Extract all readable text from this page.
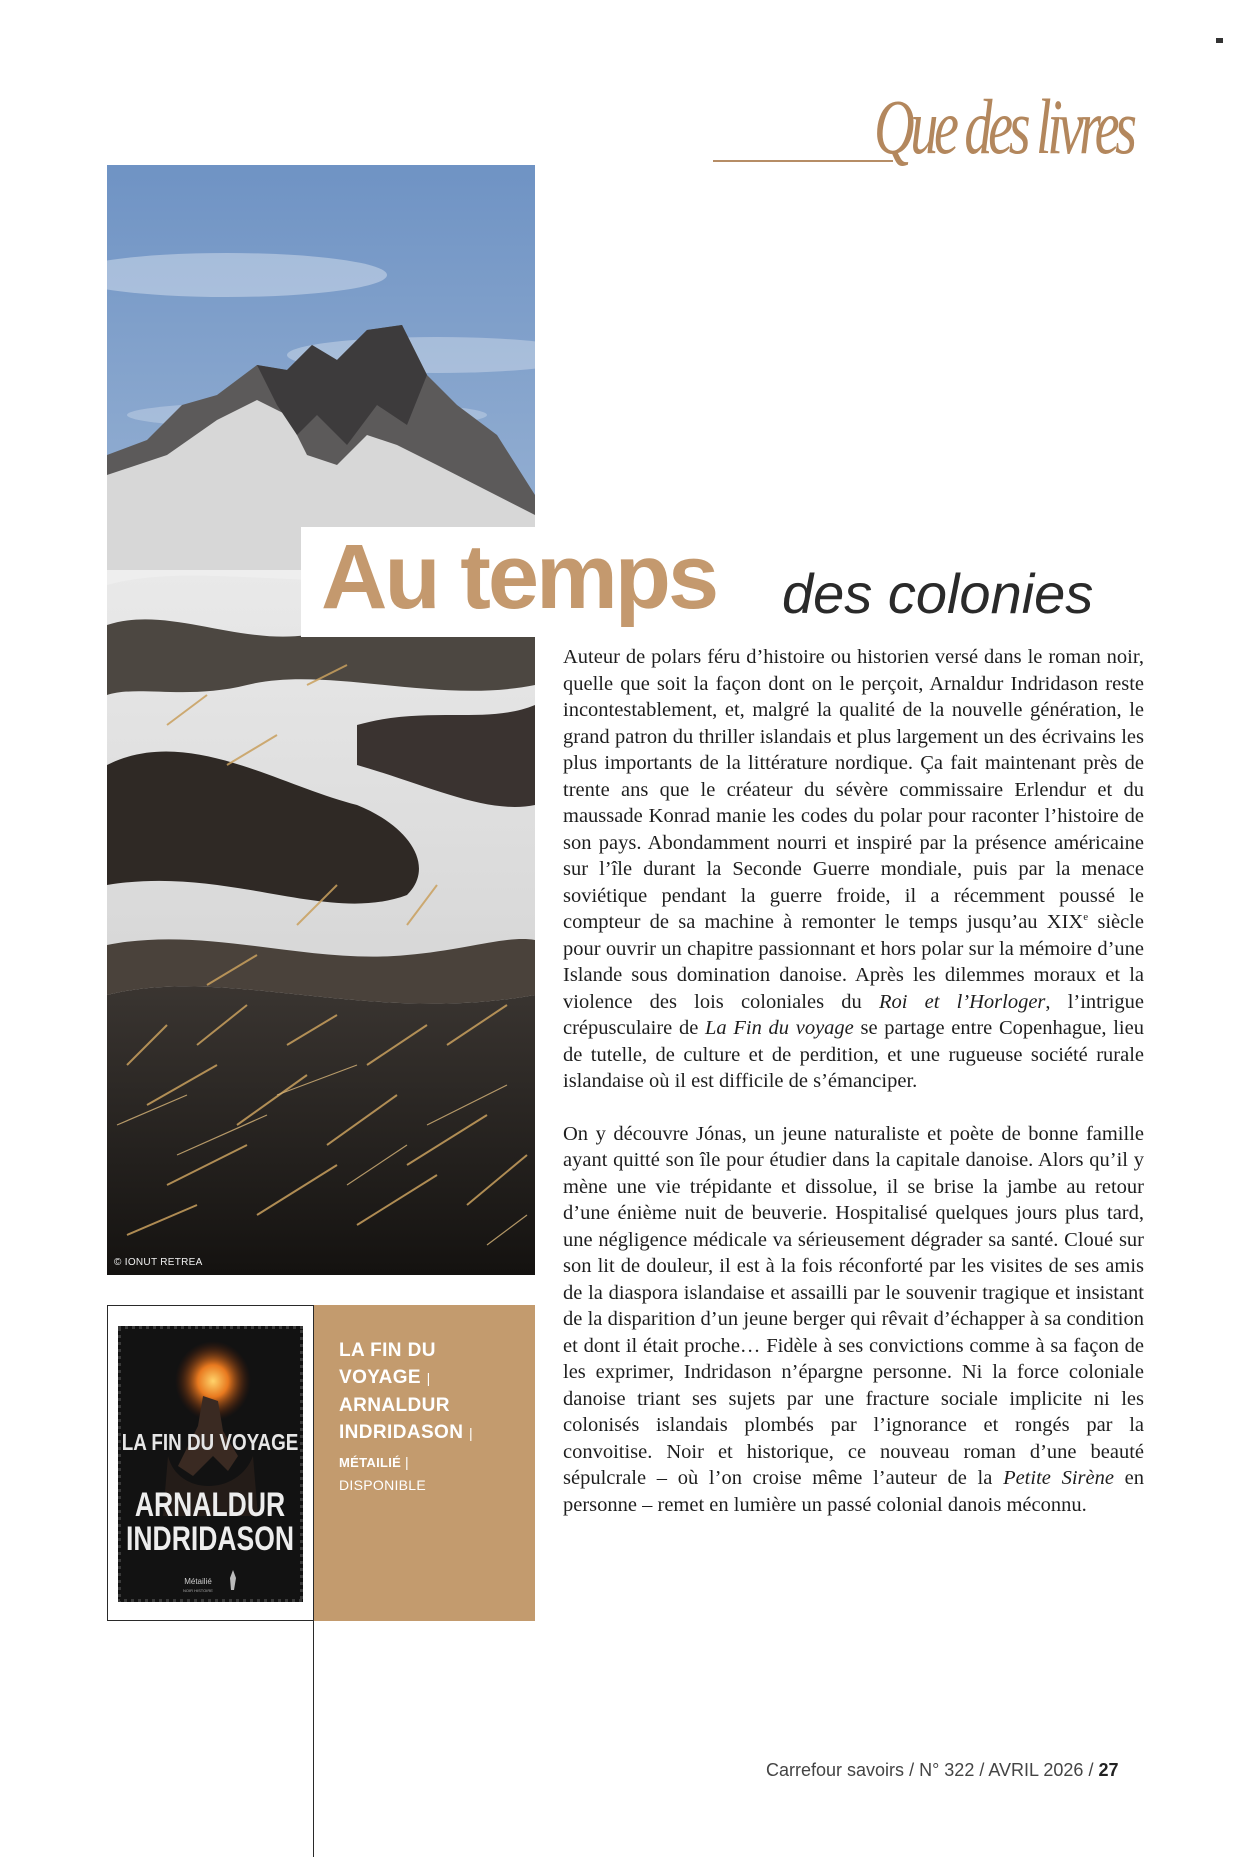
Que des livres
© IONUT RETREA
Au temps des colonies

Auteur de polars féru d’histoire ou historien versé dans le roman noir, quelle que soit la façon dont on le perçoit, Arnaldur Indridason reste incontestablement, et, malgré la qualité de la nouvelle génération, le grand patron du thriller islandais et plus largement un des écrivains les plus importants de la littérature nordique. Ça fait maintenant près de trente ans que le créateur du sévère commissaire Erlendur et du maussade Konrad manie les codes du polar pour raconter l’histoire de son pays. Abondamment nourri et inspiré par la présence américaine sur l’île durant la Seconde Guerre mondiale, puis par la menace soviétique pendant la guerre froide, il a récemment poussé le compteur de sa machine à remonter le temps jusqu’au XIXe siècle pour ouvrir un chapitre passionnant et hors polar sur la mémoire d’une Islande sous domination danoise. Après les dilemmes moraux et la violence des lois coloniales du Roi et l’Horloger, l’intrigue crépusculaire de La Fin du voyage se partage entre Copenhague, lieu de tutelle, de culture et de perdition, et une rugueuse société rurale islandaise où il est difficile de s’émanciper.

On y découvre Jónas, un jeune naturaliste et poète de bonne famille ayant quitté son île pour étudier dans la capitale danoise. Alors qu’il y mène une vie trépidante et dissolue, il se brise la jambe au retour d’une énième nuit de beuverie. Hospitalisé quelques jours plus tard, une négligence médicale va sérieusement dégrader sa santé. Cloué sur son lit de douleur, il est à la fois réconforté par les visites de ses amis de la diaspora islandaise et assailli par le souvenir tragique et insistant de la disparition d’un jeune berger qui rêvait d’échapper à sa condition et dont il était proche… Fidèle à ses convictions comme à sa façon de les exprimer, Indridason n’épargne personne. Ni la force coloniale danoise triant ses sujets par une fracture sociale implicite ni les colonisés islandais plombés par l’ignorance et rongés par la convoitise. Noir et historique, ce nouveau roman d’une beauté sépulcrale – où l’on croise même l’auteur de la Petite Sirène en personne – remet en lumière un passé colonial danois méconnu.

LA FIN DU VOYAGE
ARNALDUR
INDRIDASON
Métailié
NOIR HISTOIRE
LA FIN DU
VOYAGE |
ARNALDUR
INDRIDASON |
MÉTAILIÉ |
DISPONIBLE
Carrefour savoirs / N° 322 / AVRIL 2026 / 27
